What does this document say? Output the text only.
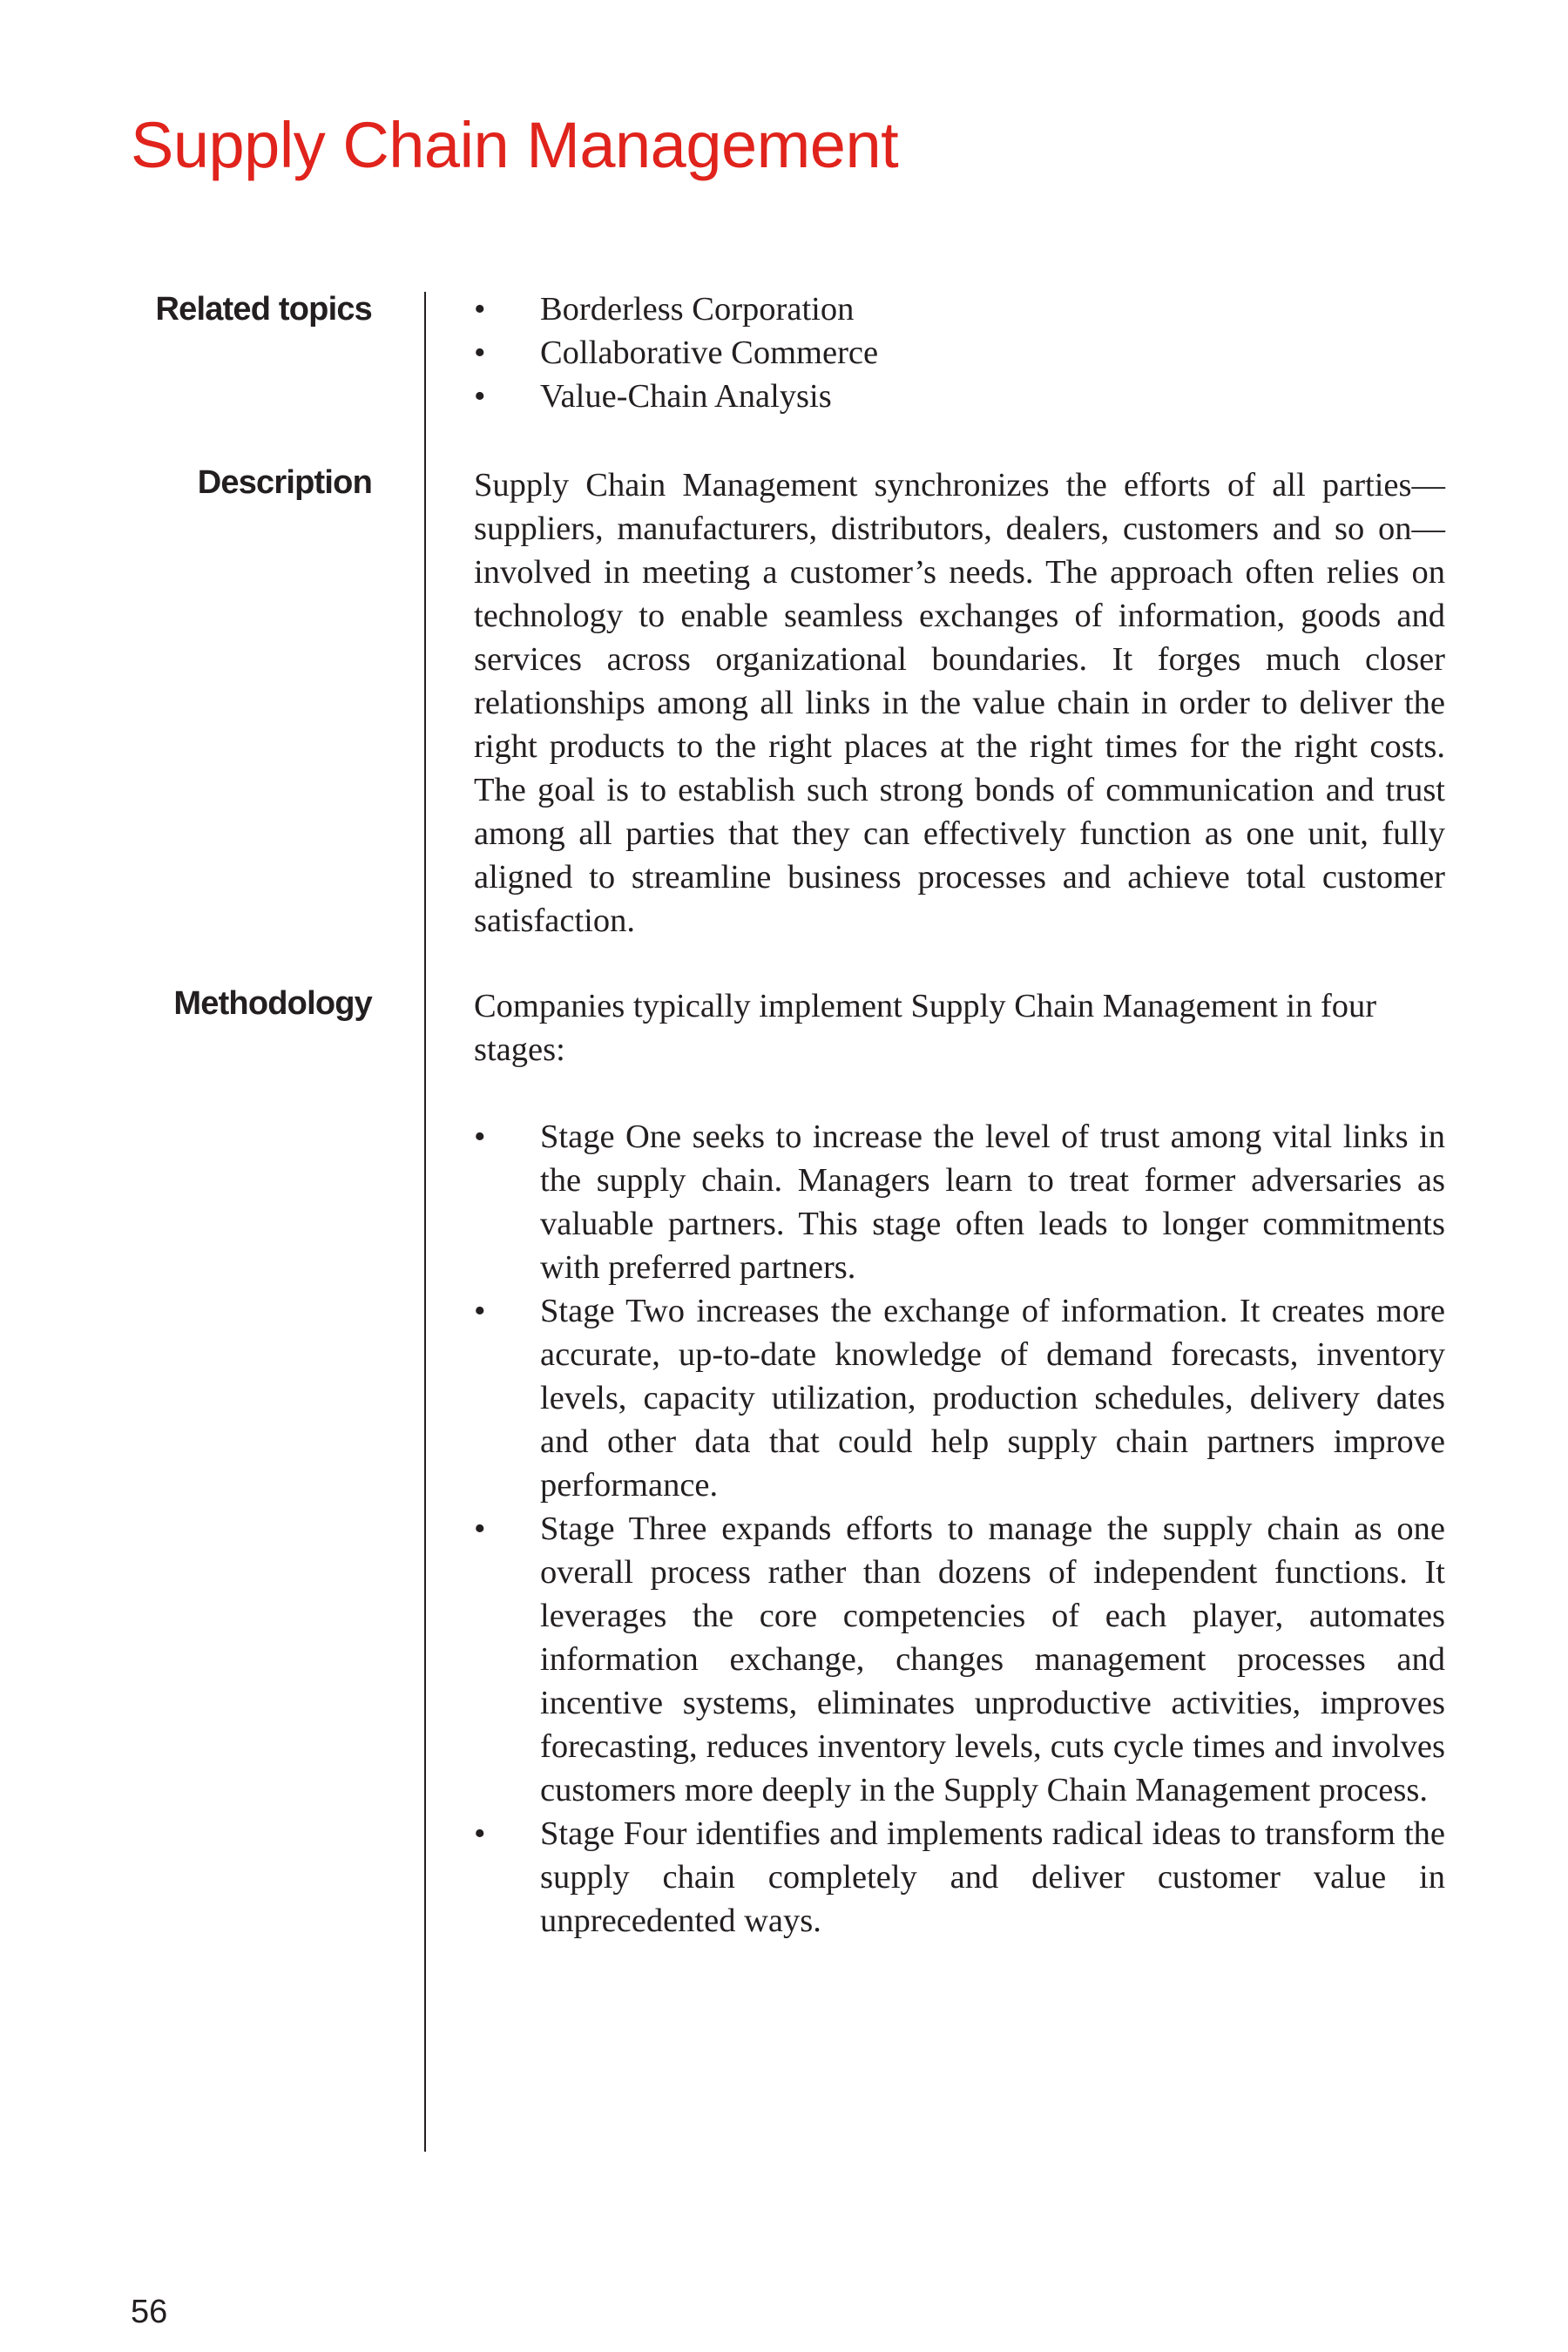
Supply Chain Management
Related topics	• Borderless Corporation
• Collaborative Commerce
• Value-Chain Analysis
Description	Supply Chain Management synchronizes the efforts of all parties—suppliers, manufacturers, distributors, dealers, customers and so on—involved in meeting a customer’s needs. The approach often relies on technology to enable seamless exchanges of information, goods and services across organizational boundaries. It forges much closer relationships among all links in the value chain in order to deliver the right products to the right places at the right times for the right costs. The goal is to establish such strong bonds of communication and trust among all parties that they can effectively function as one unit, fully aligned to streamline business processes and achieve total customer satisfaction.

Methodology	Companies typically implement Supply Chain Management in four stages:

• Stage One seeks to increase the level of trust among vital links in the supply chain. Managers learn to treat former adversaries as valuable partners. This stage often leads to longer commitments with preferred partners.
• Stage Two increases the exchange of information. It creates more accurate, up-to-date knowledge of demand forecasts, inventory levels, capacity utilization, production schedules, delivery dates and other data that could help supply chain partners improve performance.
• Stage Three expands efforts to manage the supply chain as one overall process rather than dozens of independent functions. It leverages the core competencies of each player, automates information exchange, changes management processes and incentive systems, eliminates unproductive activities, improves forecasting, reduces inventory levels, cuts cycle times and involves customers more deeply in the Supply Chain Management process.
• Stage Four identifies and implements radical ideas to transform the supply chain completely and deliver customer value in unprecedented ways.

56
